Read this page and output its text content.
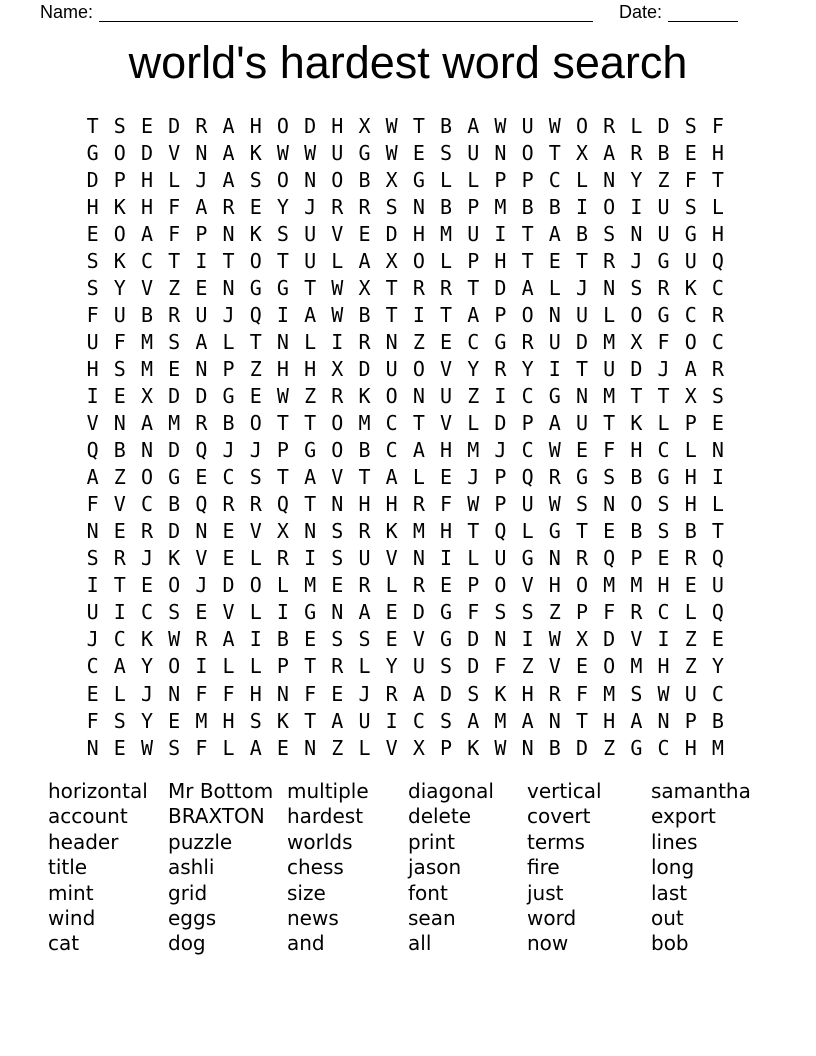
Name:	Date:
world's hardest word search
T S E D R A H O D H X W T B A W U W O R L D S F
G O D V N A K W W U G W E S U N O T X A R B E H
D P H L J A S O N O B X G L L P P C L N Y Z F T
H K H F A R E Y J R R S N B P M B B I O I U S L
E O A F P N K S U V E D H M U I T A B S N U G H
S K C T I T O T U L A X O L P H T E T R J G U Q
S Y V Z E N G G T W X T R R T D A L J N S R K C
F U B R U J Q I A W B T I T A P O N U L O G C R
U F M S A L T N L I R N Z E C G R U D M X F O C
H S M E N P Z H H X D U O V Y R Y I T U D J A R
I E X D D G E W Z R K O N U Z I C G N M T T X S
V N A M R B O T T O M C T V L D P A U T K L P E
Q B N D Q J J P G O B C A H M J C W E F H C L N
A Z O G E C S T A V T A L E J P Q R G S B G H I
F V C B Q R R Q T N H H R F W P U W S N O S H L
N E R D N E V X N S R K M H T Q L G T E B S B T
S R J K V E L R I S U V N I L U G N R Q P E R Q
I T E O J D O L M E R L R E P O V H O M M H E U
U I C S E V L I G N A E D G F S S Z P F R C L Q
J C K W R A I B E S S E V G D N I W X D V I Z E
C A Y O I L L P T R L Y U S D F Z V E O M H Z Y
E L J N F F H N F E J R A D S K H R F M S W U C
F S Y E M H S K T A U I C S A M A N T H A N P B
N E W S F L A E N Z L V X P K W N B D Z G C H M
horizontal
account
header
title
mint
wind
cat
Mr Bottom
BRAXTON
puzzle
ashli
grid
eggs
dog
multiple
hardest
worlds
chess
size
news
and
diagonal
delete
print
jason
font
sean
all
vertical
covert
terms
fire
just
word
now
samantha
export
lines
long
last
out
bob
